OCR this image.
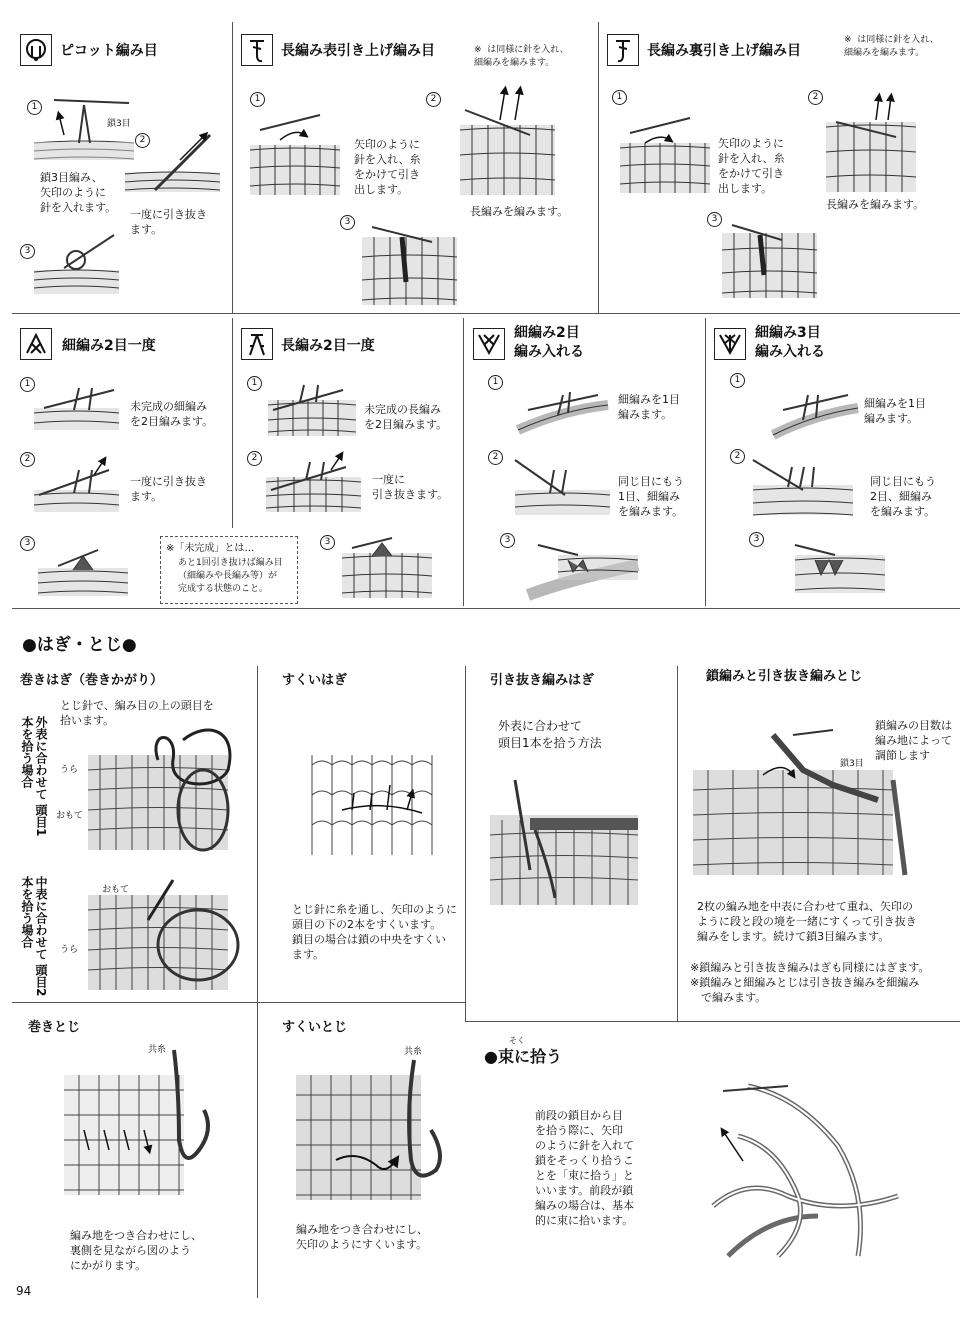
ピコット編み目
1
鎖3目
鎖3目編み、
矢印のように
針を入れます。
2
一度に引き抜き
ます。
3
長編み表引き上げ編み目	※  は同様に針を入れ、
細編みを編みます。
1
矢印のように
針を入れ、糸
をかけて引き
出します。
2
長編みを編みます。
3
長編み裏引き上げ編み目
※  は同様に針を入れ、
細編みを編みます。
1
矢印のように
針を入れ、糸
をかけて引き
出します。
2
長編みを編みます。
3
細編み2目一度
1
未完成の細編み
を2目編みます。
2
一度に引き抜き
ます。
3	※「未完成」とは…
あと1回引き抜けば編み目
（細編みや長編み等）が
完成する状態のこと。
長編み2目一度
1
未完成の長編み
を2目編みます。
2
一度に
引き抜きます。
3
細編み2目
編み入れる
1
細編みを1目
編みます。
2
同じ目にもう
1目、細編み
を編みます。
3
細編み3目
編み入れる
1
細編みを1目
編みます。
2
同じ目にもう
2目、細編み
を編みます。
3
●はぎ・とじ●
巻きはぎ（巻きかがり）
とじ針で、編み目の上の頭目を
拾います。
外表に合わせて 頭目1本を拾う場合
中表に合わせて 頭目2本を拾う場合
うら
おもて
おもて
うら
すくいはぎ
とじ針に糸を通し、矢印のように
頭目の下の2本をすくいます。
鎖目の場合は鎖の中央をすくい
ます。
引き抜き編みはぎ
外表に合わせて
頭目1本を拾う方法
鎖編みと引き抜き編みとじ
鎖編みの目数は
編み地によって
調節します
鎖3目
2枚の編み地を中表に合わせて重ね、矢印の
ように段と段の境を一緒にすくって引き抜き
編みをします。続けて鎖3目編みます。
※鎖編みと引き抜き編みはぎも同様にはぎます。
※鎖編みと細編みとじは引き抜き編みを細編み
　で編みます。
巻きとじ
共糸
編み地をつき合わせにし、
裏側を見ながら図のよう
にかがります。
すくいとじ
共糸
編み地をつき合わせにし、
矢印のようにすくいます。
そく
●束に拾う
前段の鎖目から目
を拾う際に、矢印
のように針を入れて
鎖をそっくり拾うこ
とを「束に拾う」と
いいます。前段が鎖
編みの場合は、基本
的に束に拾います。
94
